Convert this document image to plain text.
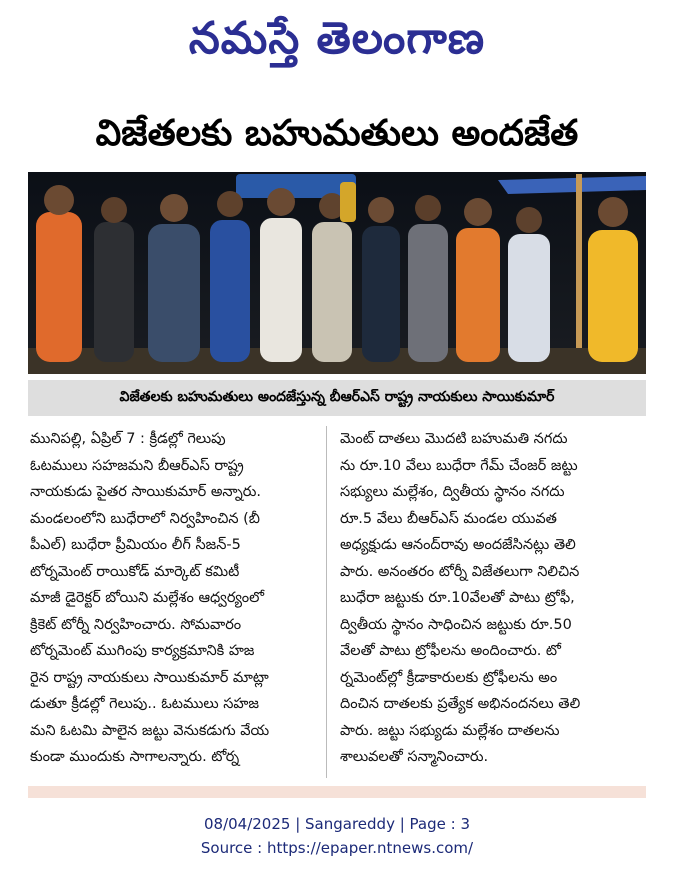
నమస్తే తెలంగాణ
విజేతలకు బహుమతులు అందజేత
విజేతలకు బహుమతులు అందజేస్తున్న బీఆర్‌ఎస్ రాష్ట్ర నాయకులు సాయికుమార్
మునిపల్లి, ఏప్రిల్ 7 : క్రీడల్లో గెలుపు
ఓటములు సహజమని బీఆర్‌ఎస్ రాష్ట్ర
నాయకుడు పైతర సాయికుమార్ అన్నారు.
మండలంలోని బుధేరాలో నిర్వహించిన (బీ
పీఎల్) బుధేరా ప్రీమియం లీగ్ సీజన్-5
టోర్నమెంట్ రాయికోడ్ మార్కెట్ కమిటీ
మాజీ డైరెక్టర్ బోయిని మల్లేశం ఆధ్వర్యంలో
క్రికెట్ టోర్నీ నిర్వహించారు. సోమవారం
టోర్నమెంట్ ముగింపు కార్యక్రమానికి హజ
రైన రాష్ట్ర నాయకులు సాయికుమార్ మాట్లా
డుతూ క్రీడల్లో గెలుపు.. ఓటములు సహజ
మని ఓటమి పాలైన జట్టు వెనుకడుగు వేయ
కుండా ముందుకు సాగాలన్నారు. టోర్న
మెంట్ దాతలు మొదటి బహుమతి నగదు
ను రూ.10 వేలు బుధేరా గేమ్ చేంజర్ జట్టు
సభ్యులు మల్లేశం, ద్వితీయ స్థానం నగదు
రూ.5 వేలు బీఆర్‌ఎస్ మండల యువత
అధ్యక్షుడు ఆనంద్‌రావు అందజేసినట్లు తెలి
పారు. అనంతరం టోర్నీ విజేతలుగా నిలిచిన
బుధేరా జట్టుకు రూ.10వేలతో పాటు ట్రోఫీ,
ద్వితీయ స్థానం సాధించిన జట్టుకు రూ.50
వేలతో పాటు ట్రోఫీలను అందించారు. టో
ర్నమెంట్‌ల్లో క్రీడాకారులకు ట్రోఫీలను అం
దించిన దాతలకు ప్రత్యేక అభినందనలు తెలి
పారు. జట్టు సభ్యుడు మల్లేశం దాతలను
శాలువలతో సన్మానించారు.
08/04/2025 | Sangareddy | Page : 3
Source : https://epaper.ntnews.com/
